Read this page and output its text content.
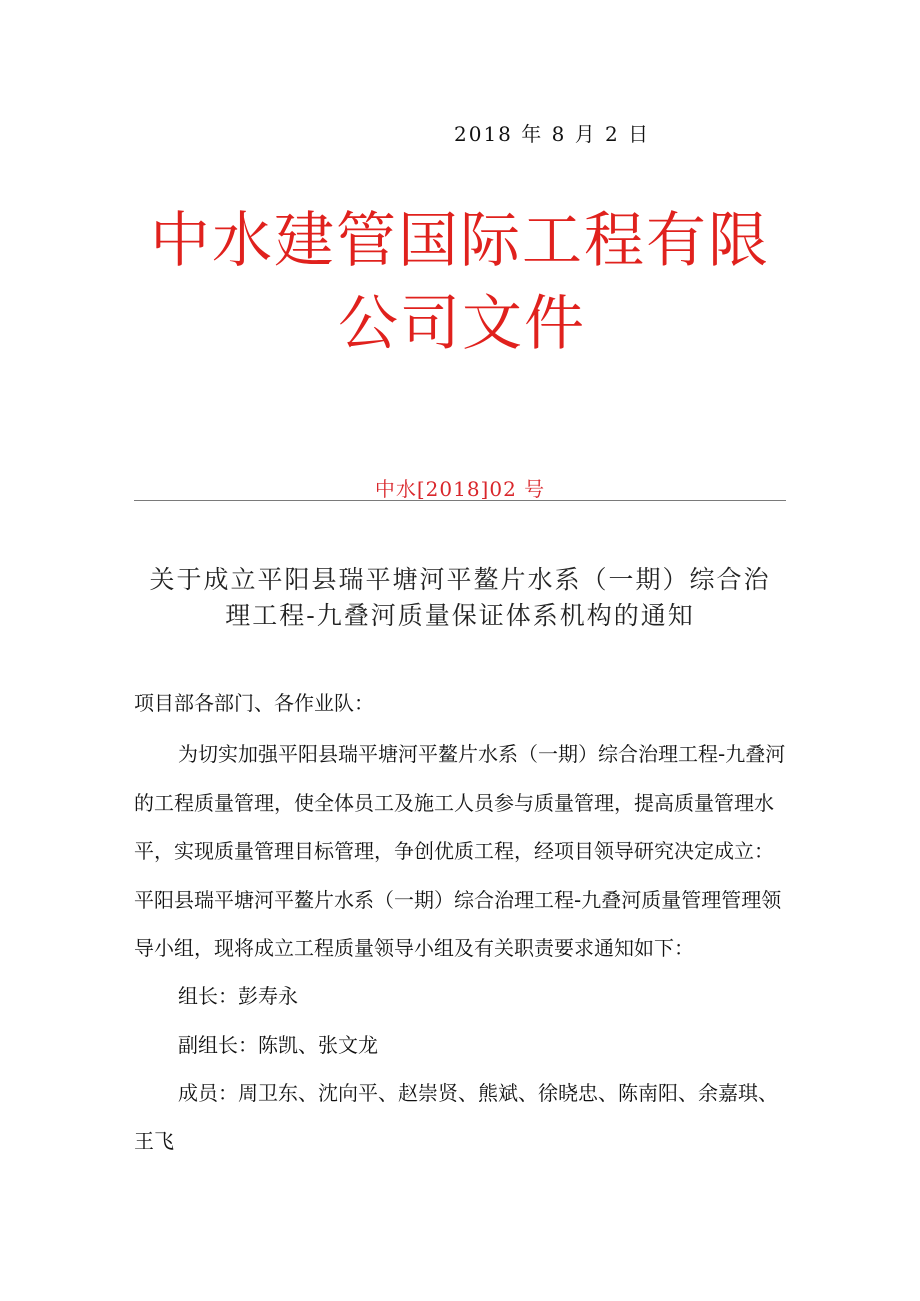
2018 年 8 月 2 日
中水建管国际工程有限
公司文件
中水[2018]02 号
关于成立平阳县瑞平塘河平鳌片水系（一期）综合治
理工程-九叠河质量保证体系机构的通知
项目部各部门、各作业队：
为切实加强平阳县瑞平塘河平鳌片水系（一期）综合治理工程-九叠河
的工程质量管理，使全体员工及施工人员参与质量管理，提高质量管理水
平，实现质量管理目标管理，争创优质工程，经项目领导研究决定成立：
平阳县瑞平塘河平鳌片水系（一期）综合治理工程-九叠河质量管理管理领
导小组，现将成立工程质量领导小组及有关职责要求通知如下：
组长：彭寿永
副组长：陈凯、张文龙
成员：周卫东、沈向平、赵崇贤、熊斌、徐晓忠、陈南阳、余嘉琪、
王飞
